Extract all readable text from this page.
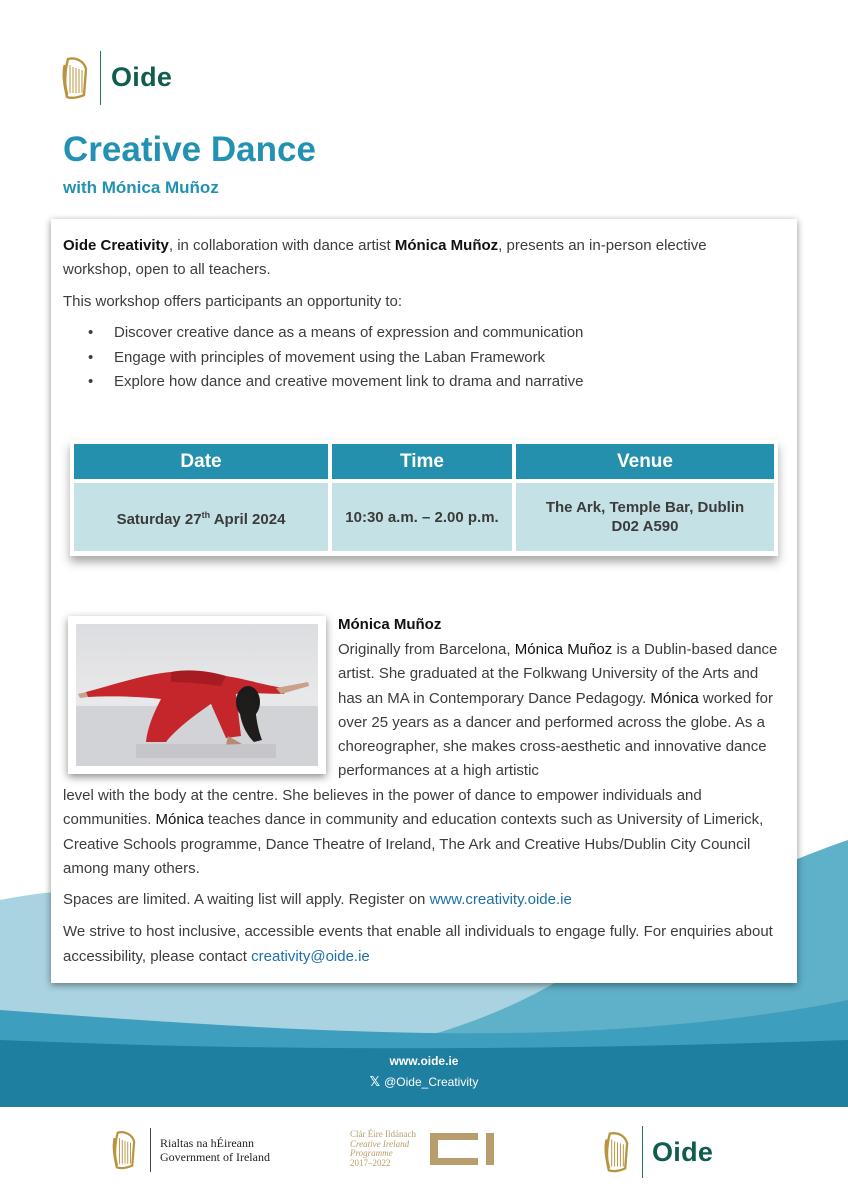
Oide
Creative Dance
with Mónica Muñoz

Oide Creativity, in collaboration with dance artist Mónica Muñoz, presents an in-person elective workshop, open to all teachers.

This workshop offers participants an opportunity to:

• Discover creative dance as a means of expression and communication
• Engage with principles of movement using the Laban Framework
• Explore how dance and creative movement link to drama and narrative
Date	Time	Venue
Saturday 27th April 2024	10:30 a.m. – 2.00 p.m.	The Ark, Temple Bar, Dublin
D02 A590
Mónica Muñoz

Originally from Barcelona, Mónica Muñoz is a Dublin-based dance artist. She graduated at the Folkwang University of the Arts and has an MA in Contemporary Dance Pedagogy. Mónica worked for over 25 years as a dancer and performed across the globe. As a choreographer, she makes cross-aesthetic and innovative dance performances at a high artistic

level with the body at the centre. She believes in the power of dance to empower individuals and communities. Mónica teaches dance in community and education contexts such as University of Limerick, Creative Schools programme, Dance Theatre of Ireland, The Ark and Creative Hubs/Dublin City Council among many others.

Spaces are limited. A waiting list will apply. Register on www.creativity.oide.ie

We strive to host inclusive, accessible events that enable all individuals to engage fully. For enquiries about accessibility, please contact creativity@oide.ie

www.oide.ie
𝕏 @Oide_Creativity
Rialtas na hÉireann
Government of Ireland
Clár Éire Ildánach
Creative Ireland
Programme
2017–2022	Oide
